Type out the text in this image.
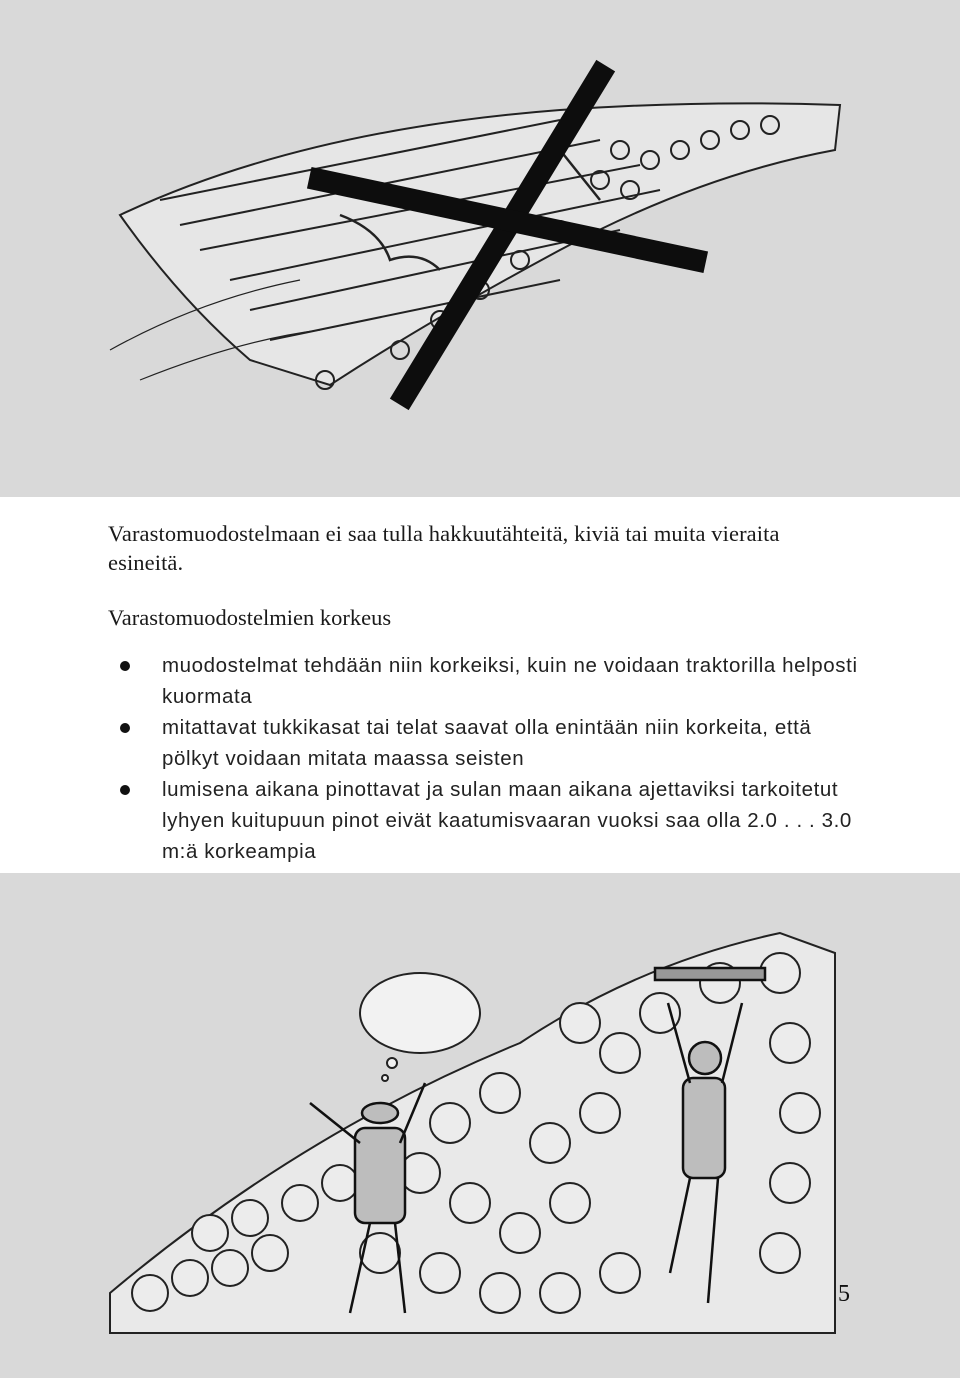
Varastomuodostelmaan ei saa tulla hakkuutähteitä, kiviä tai muita vieraita esineitä.
Varastomuodostelmien korkeus
muodostelmat tehdään niin korkeiksi, kuin ne voidaan traktorilla helposti kuormata
mitattavat tukkikasat tai telat saavat olla enintään niin korkeita, että pölkyt voidaan mitata maassa seisten
lumisena aikana pinottavat ja sulan maan aikana ajettaviksi tarkoitetut lyhyen kuitupuun pinot eivät kaatumisvaaran vuoksi saa olla 2.0 . . . 3.0 m:ä korkeampia
5
